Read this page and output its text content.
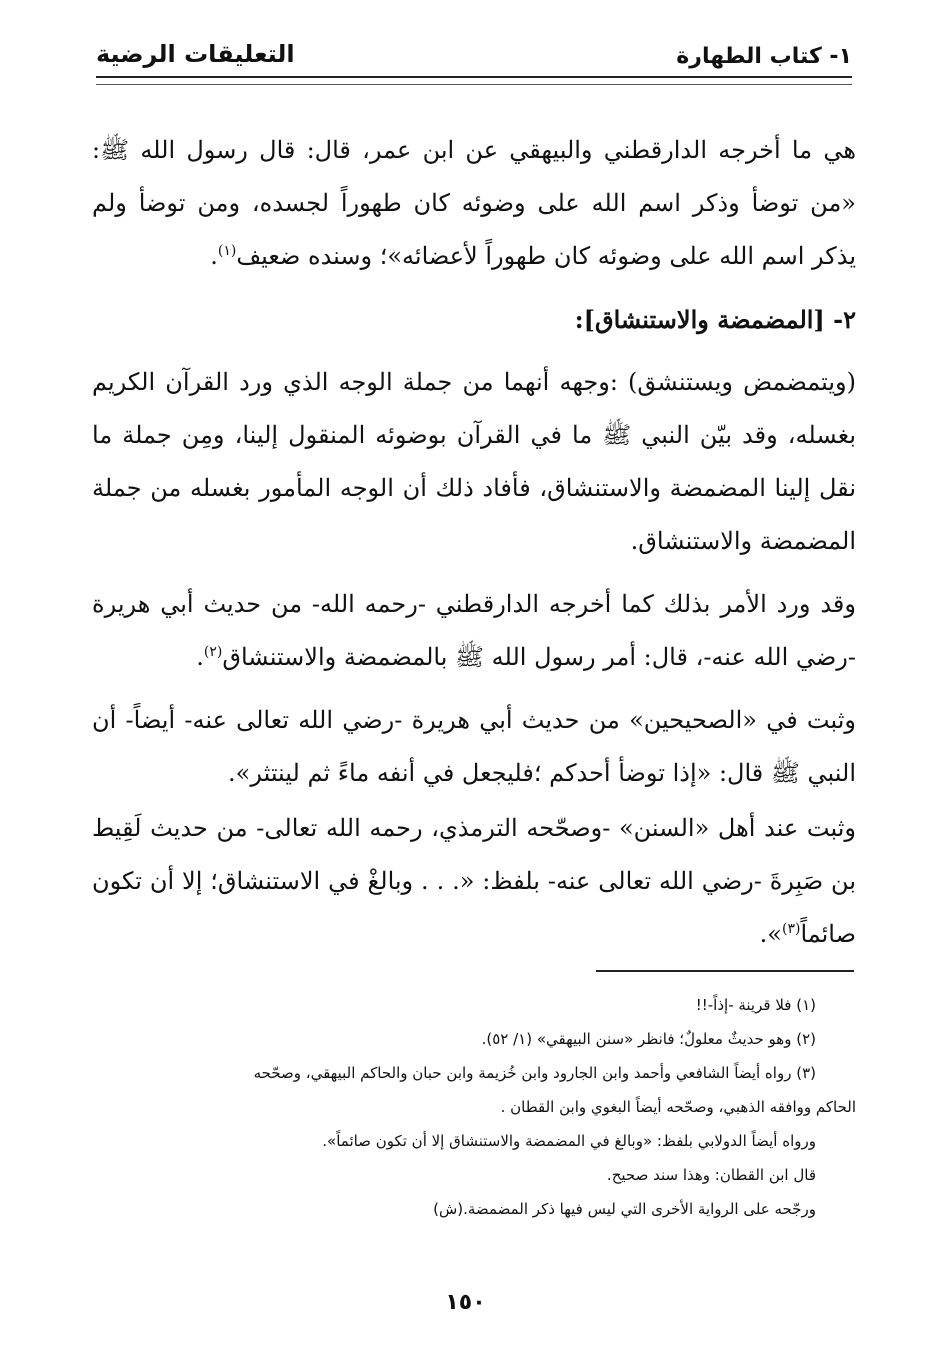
١- كتاب الطهارة
التعليقات الرضية

هي ما أخرجه الدارقطني والبيهقي عن ابن عمر، قال: قال رسول الله ﷺ: «من توضأ وذكر اسم الله على وضوئه كان طهوراً لجسده، ومن توضأ ولم يذكر اسم الله على وضوئه كان طهوراً لأعضائه»؛ وسنده ضعيف$^{(١)}$.

٢- [المضمضة والاستنشاق]:

(ويتمضمض ويستنشق) :وجهه أنهما من جملة الوجه الذي ورد القرآن الكريم بغسله، وقد بيّن النبي ﷺ ما في القرآن بوضوئه المنقول إلينا، ومِن جملة ما نقل إلينا المضمضة والاستنشاق، فأفاد ذلك أن الوجه المأمور بغسله من جملة المضمضة والاستنشاق.

وقد ورد الأمر بذلك كما أخرجه الدارقطني -رحمه الله- من حديث أبي هريرة -رضي الله عنه-، قال: أمر رسول الله ﷺ بالمضمضة والاستنشاق$^{(٢)}$.

وثبت في «الصحيحين» من حديث أبي هريرة -رضي الله تعالى عنه- أيضاً- أن النبي ﷺ قال: «إذا توضأ أحدكم ؛فليجعل في أنفه ماءً ثم لينتثر».

وثبت عند أهل «السنن» -وصحّحه الترمذي، رحمه الله تعالى- من حديث لَقِيط بن صَبِرةَ -رضي الله تعالى عنه- بلفظ: «. . . وبالغْ في الاستنشاق؛ إلا أن تكون صائماً$^{(٣)}$».

(١) فلا قرينة -إذاً-!!

(٢) وهو حديثٌ معلولٌ؛ فانظر «سنن البيهقي» (١/ ٥٢).

(٣) رواه أيضاً الشافعي وأحمد وابن الجارود وابن خُزيمة وابن حبان والحاكم البيهقي، وصحّحه

الحاكم ووافقه الذهبي، وصحّحه أيضاً البغوي وابن القطان .

ورواه أيضاً الدولابي بلفظ: «وبالغ في المضمضة والاستنشاق إلا أن تكون صائماً».

قال ابن القطان: وهذا سند صحيح.

ورجّحه على الرواية الأخرى التي ليس فيها ذكر المضمضة.(ش)

١٥٠
